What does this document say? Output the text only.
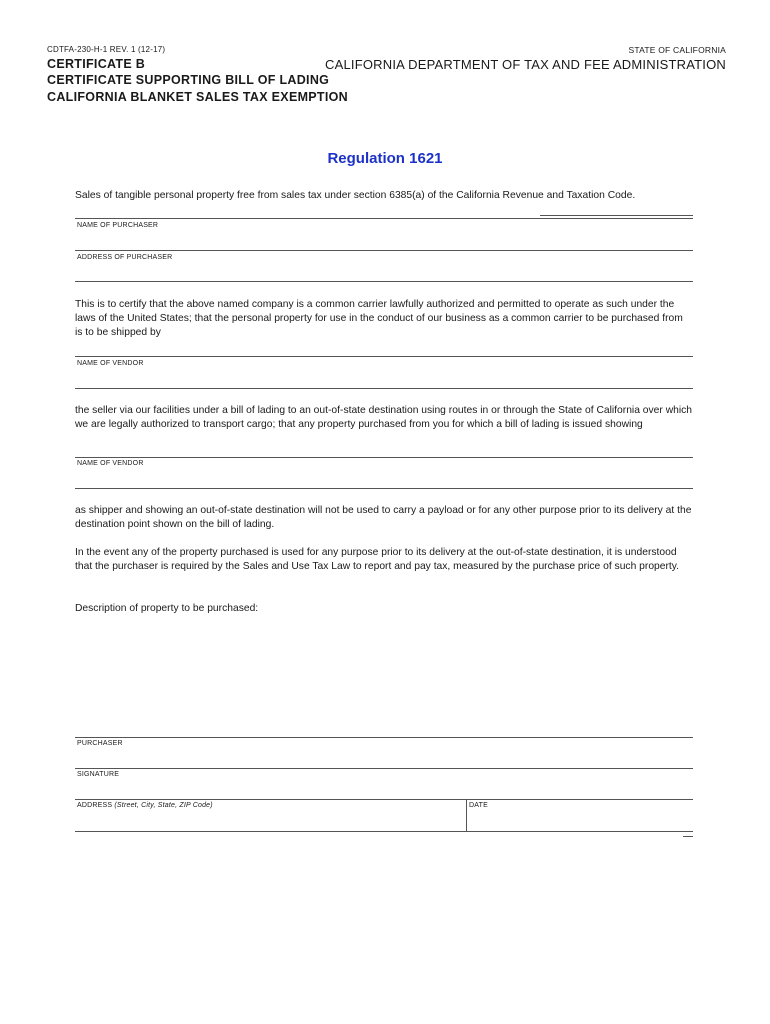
CDTFA-230-H-1 REV. 1 (12-17)	STATE OF CALIFORNIA
CERTIFICATE B
CERTIFICATE SUPPORTING BILL OF LADING
CALIFORNIA BLANKET SALES TAX EXEMPTION
CALIFORNIA DEPARTMENT OF TAX AND FEE ADMINISTRATION
Regulation 1621
Sales of tangible personal property free from sales tax under section 6385(a) of the California Revenue and Taxation Code.
NAME OF PURCHASER
ADDRESS OF PURCHASER
This is to certify that the above named company is a common carrier lawfully authorized and permitted to operate as such under the laws of the United States; that the personal property for use in the conduct of our business as a common carrier to be purchased from is to be shipped by
NAME OF VENDOR
the seller via our facilities under a bill of lading to an out-of-state destination using routes in or through the State of California over which we are legally authorized to transport cargo; that any property purchased from you for which a bill of lading is issued showing
NAME OF VENDOR
as shipper and showing an out-of-state destination will not be used to carry a payload or for any other purpose prior to its delivery at the destination point shown on the bill of lading.
In the event any of the property purchased is used for any purpose prior to its delivery at the out-of-state destination, it is understood that the purchaser is required by the Sales and Use Tax Law to report and pay tax, measured by the purchase price of such property.
Description of property to be purchased:
PURCHASER
SIGNATURE
ADDRESS (Street, City, State, ZIP Code)	DATE
